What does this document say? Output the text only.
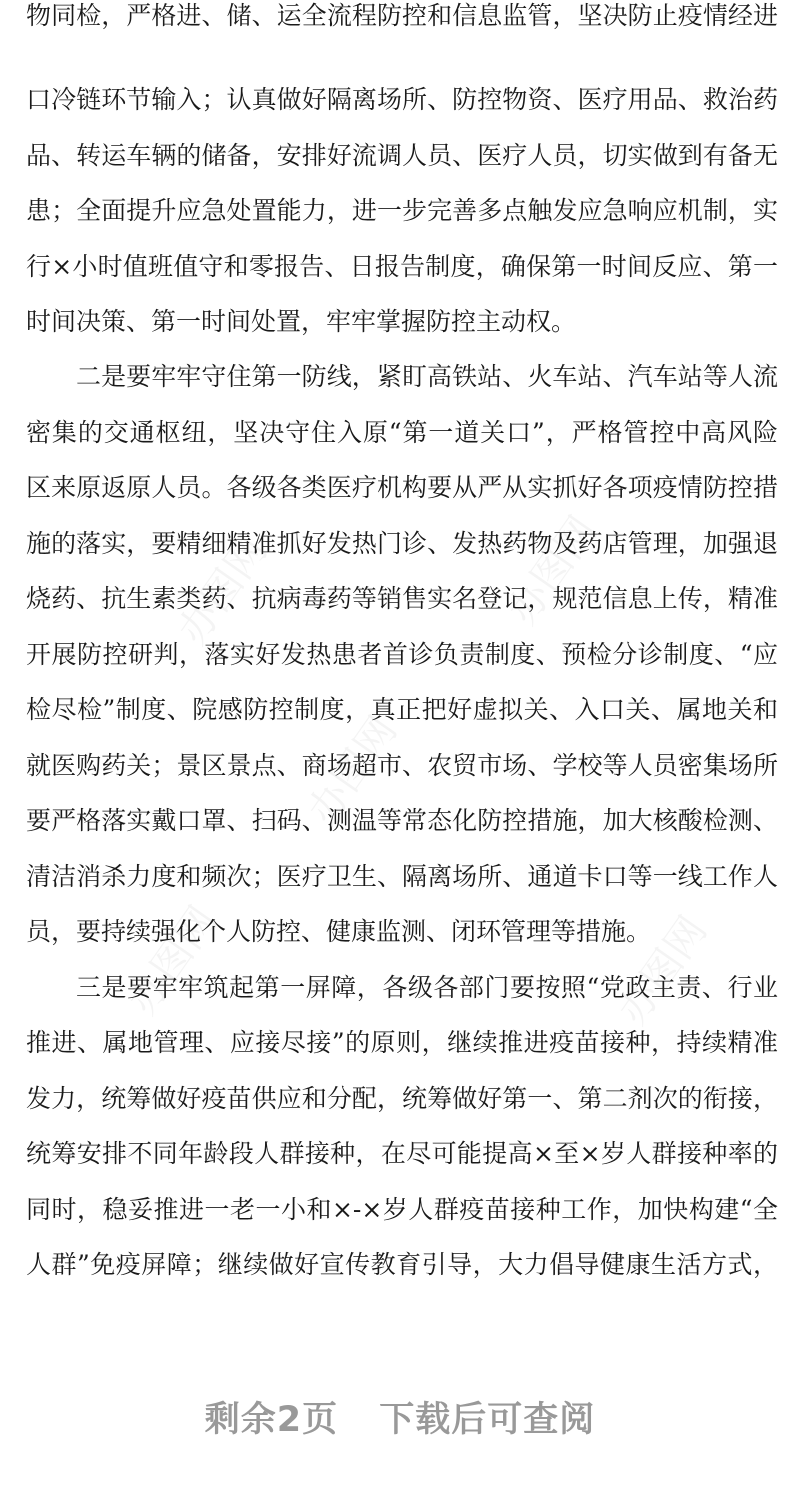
物同检，严格进、储、运全流程防控和信息监管，坚决防止疫情经进
口冷链环节输入；认真做好隔离场所、防控物资、医疗用品、救治药
品、转运车辆的储备，安排好流调人员、医疗人员，切实做到有备无
患；全面提升应急处置能力，进一步完善多点触发应急响应机制，实
行×小时值班值守和零报告、日报告制度，确保第一时间反应、第一
时间决策、第一时间处置，牢牢掌握防控主动权。
二是要牢牢守住第一防线，紧盯高铁站、火车站、汽车站等人流
密集的交通枢纽，坚决守住入原“第一道关口”，严格管控中高风险
区来原返原人员。各级各类医疗机构要从严从实抓好各项疫情防控措
施的落实，要精细精准抓好发热门诊、发热药物及药店管理，加强退
烧药、抗生素类药、抗病毒药等销售实名登记，规范信息上传，精准
开展防控研判，落实好发热患者首诊负责制度、预检分诊制度、“应
检尽检”制度、院感防控制度，真正把好虚拟关、入口关、属地关和
就医购药关；景区景点、商场超市、农贸市场、学校等人员密集场所
要严格落实戴口罩、扫码、测温等常态化防控措施，加大核酸检测、
清洁消杀力度和频次；医疗卫生、隔离场所、通道卡口等一线工作人
员，要持续强化个人防控、健康监测、闭环管理等措施。
三是要牢牢筑起第一屏障，各级各部门要按照“党政主责、行业
推进、属地管理、应接尽接”的原则，继续推进疫苗接种，持续精准
发力，统筹做好疫苗供应和分配，统筹做好第一、第二剂次的衔接，
统筹安排不同年龄段人群接种，在尽可能提高×至×岁人群接种率的
同时，稳妥推进一老一小和×-×岁人群疫苗接种工作，加快构建“全
人群”免疫屏障；继续做好宣传教育引导，大力倡导健康生活方式，
办图网	办图网
办图网
办图网	办图网
剩余2页 下载后可查阅
